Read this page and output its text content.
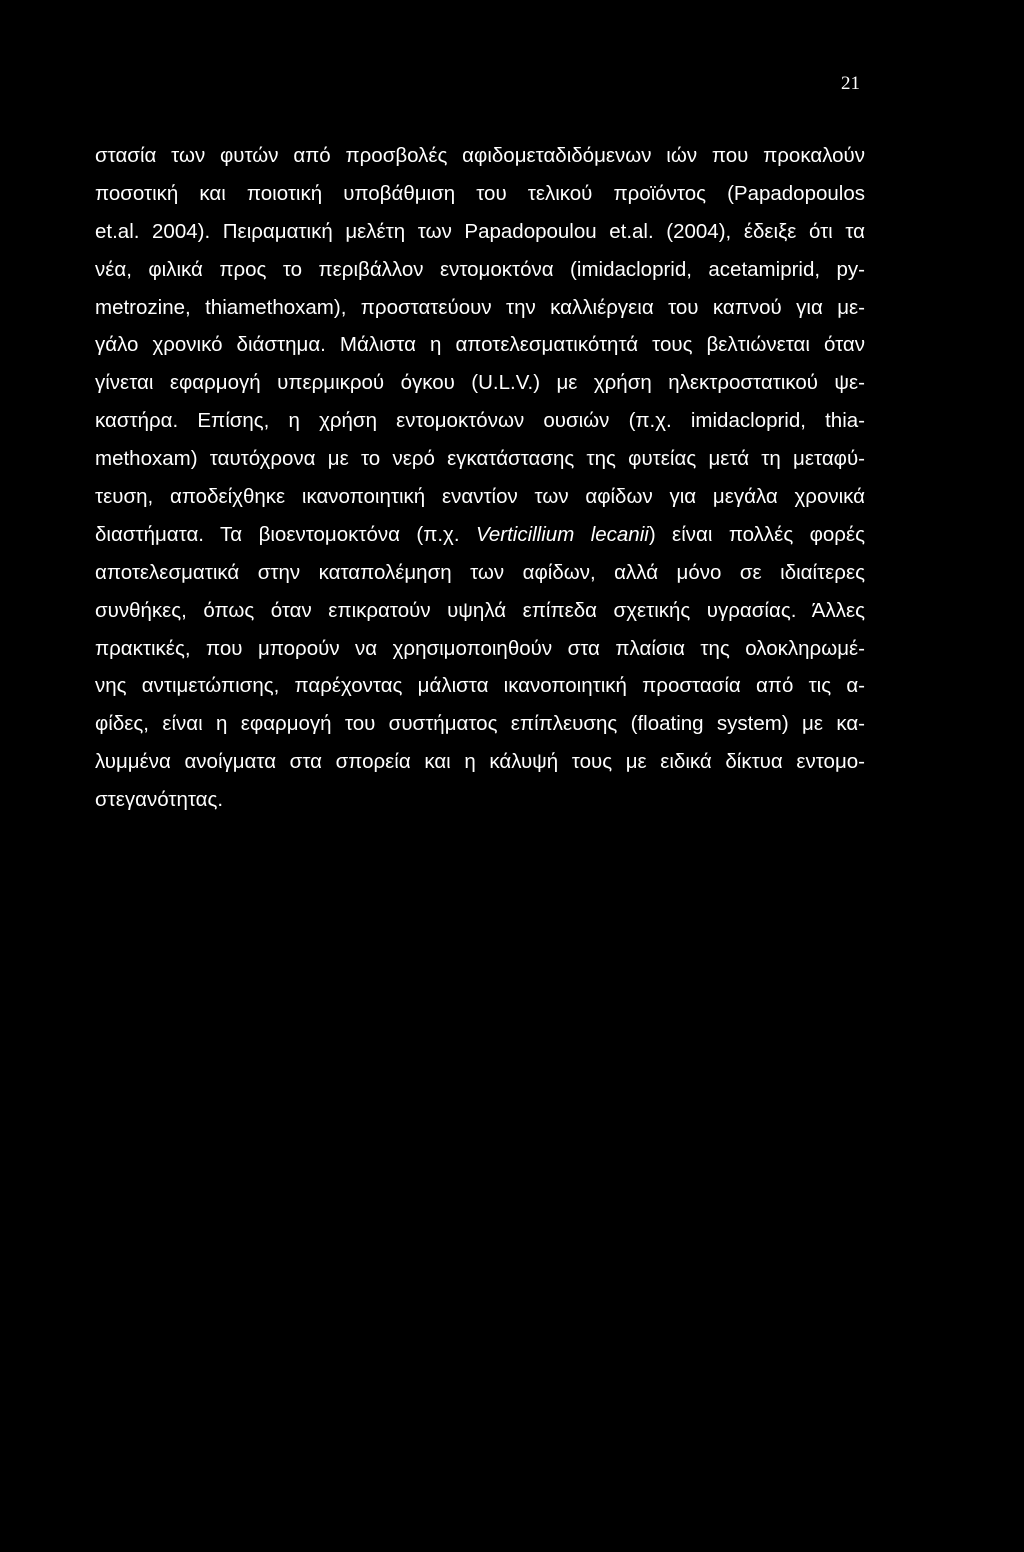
21
στασία των φυτών από προσβολές αφιδομεταδιδόμενων ιών που προκαλούν
ποσοτική και ποιοτική υποβάθμιση του τελικού προϊόντος (Papadopoulos
et.al. 2004). Πειραματική μελέτη των Papadopoulou et.al. (2004), έδειξε ότι τα
νέα, φιλικά προς το περιβάλλον εντομοκτόνα (imidacloprid, acetamiprid, py-
metrozine, thiamethoxam), προστατεύουν την καλλιέργεια του καπνού για με-
γάλο χρονικό διάστημα. Μάλιστα η αποτελεσματικότητά τους βελτιώνεται όταν
γίνεται εφαρμογή υπερμικρού όγκου (U.L.V.) με χρήση ηλεκτροστατικού ψε-
καστήρα. Επίσης, η χρήση εντομοκτόνων ουσιών (π.χ. imidacloprid, thia-
methoxam) ταυτόχρονα με το νερό εγκατάστασης της φυτείας μετά τη μεταφύ-
τευση, αποδείχθηκε ικανοποιητική εναντίον των αφίδων για μεγάλα χρονικά
διαστήματα. Τα βιοεντομοκτόνα (π.χ. Verticillium lecanii) είναι πολλές φορές
αποτελεσματικά στην καταπολέμηση των αφίδων, αλλά μόνο σε ιδιαίτερες
συνθήκες, όπως όταν επικρατούν υψηλά επίπεδα σχετικής υγρασίας. Άλλες
πρακτικές, που μπορούν να χρησιμοποιηθούν στα πλαίσια της ολοκληρωμέ-
νης αντιμετώπισης, παρέχοντας μάλιστα ικανοποιητική προστασία από τις α-
φίδες, είναι η εφαρμογή του συστήματος επίπλευσης (floating system) με κα-
λυμμένα ανοίγματα στα σπορεία και η κάλυψή τους με ειδικά δίκτυα εντομο-
στεγανότητας.
